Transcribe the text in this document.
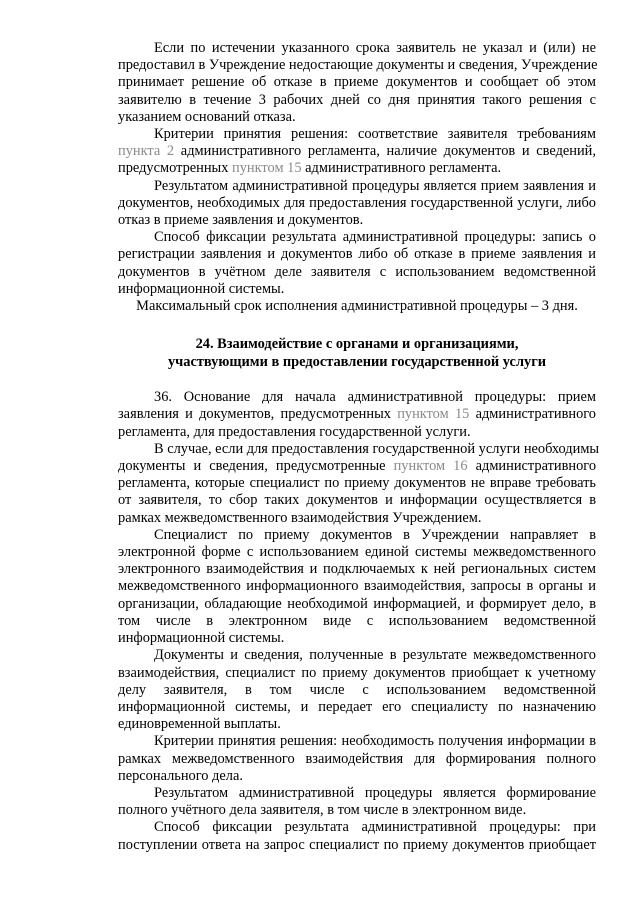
Если по истечении указанного срока заявитель не указал и (или) не
предоставил в Учреждение недостающие документы и сведения, Учреждение
принимает решение об отказе в приеме документов и сообщает об этом
заявителю в течение 3 рабочих дней со дня принятия такого решения с
указанием оснований отказа.
Критерии принятия решения: соответствие заявителя требованиям
пункта 2 административного регламента, наличие документов и сведений,
предусмотренных пунктом 15 административного регламента.
Результатом административной процедуры является прием заявления и
документов, необходимых для предоставления государственной услуги, либо
отказ в приеме заявления и документов.
Способ фиксации результата административной процедуры: запись о
регистрации заявления и документов либо об отказе в приеме заявления и
документов в учётном деле заявителя с использованием ведомственной
информационной системы.
Максимальный срок исполнения административной процедуры – 3 дня.
24. Взаимодействие с органами и организациями,
участвующими в предоставлении государственной услуги
36. Основание для начала административной процедуры: прием
заявления и документов, предусмотренных пунктом 15 административного
регламента, для предоставления государственной услуги.
В случае, если для предоставления государственной услуги необходимы
документы и сведения, предусмотренные пунктом 16 административного
регламента, которые специалист по приему документов не вправе требовать
от заявителя, то сбор таких документов и информации осуществляется в
рамках межведомственного взаимодействия Учреждением.
Специалист по приему документов в Учреждении направляет в
электронной форме с использованием единой системы межведомственного
электронного взаимодействия и подключаемых к ней региональных систем
межведомственного информационного взаимодействия, запросы в органы и
организации, обладающие необходимой информацией, и формирует дело, в
том числе в электронном виде с использованием ведомственной
информационной системы.
Документы и сведения, полученные в результате межведомственного
взаимодействия, специалист по приему документов приобщает к учетному
делу заявителя, в том числе с использованием ведомственной
информационной системы, и передает его специалисту по назначению
единовременной выплаты.
Критерии принятия решения: необходимость получения информации в
рамках межведомственного взаимодействия для формирования полного
персонального дела.
Результатом административной процедуры является формирование
полного учётного дела заявителя, в том числе в электронном виде.
Способ фиксации результата административной процедуры: при
поступлении ответа на запрос специалист по приему документов приобщает
